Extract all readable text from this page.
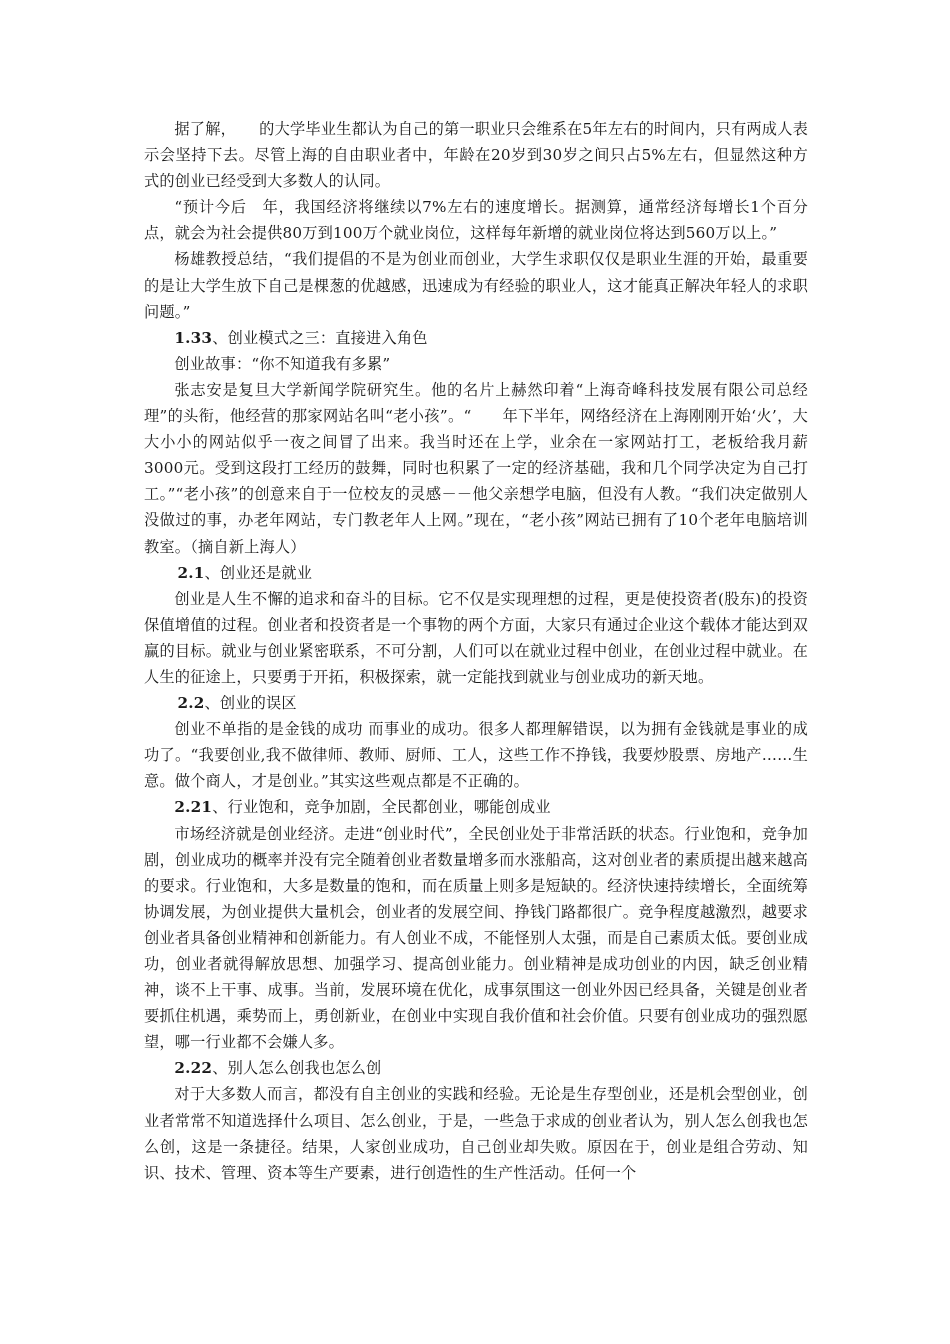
据了解，　　的大学毕业生都认为自己的第一职业只会维系在5年左右的时间内，只有两成人表示会坚持下去。尽管上海的自由职业者中，年龄在20岁到30岁之间只占5%左右，但显然这种方式的创业已经受到大多数人的认同。

“预计今后　年，我国经济将继续以7%左右的速度增长。据测算，通常经济每增长1个百分点，就会为社会提供80万到100万个就业岗位，这样每年新增的就业岗位将达到560万以上。”

杨雄教授总结，“我们提倡的不是为创业而创业，大学生求职仅仅是职业生涯的开始，最重要的是让大学生放下自己是棵葱的优越感，迅速成为有经验的职业人，这才能真正解决年轻人的求职问题。”

1.33、创业模式之三：直接进入角色

创业故事：“你不知道我有多累”

张志安是复旦大学新闻学院研究生。他的名片上赫然印着“上海奇峰科技发展有限公司总经理”的头衔，他经营的那家网站名叫“老小孩”。“　　年下半年，网络经济在上海刚刚开始‘火’，大大小小的网站似乎一夜之间冒了出来。我当时还在上学，业余在一家网站打工，老板给我月薪3000元。受到这段打工经历的鼓舞，同时也积累了一定的经济基础，我和几个同学决定为自己打工。”“老小孩”的创意来自于一位校友的灵感－－他父亲想学电脑，但没有人教。“我们决定做别人没做过的事，办老年网站，专门教老年人上网。”现在，“老小孩”网站已拥有了10个老年电脑培训教室。（摘自新上海人）

2.1、创业还是就业

创业是人生不懈的追求和奋斗的目标。它不仅是实现理想的过程，更是使投资者(股东)的投资保值增值的过程。创业者和投资者是一个事物的两个方面，大家只有通过企业这个载体才能达到双赢的目标。就业与创业紧密联系，不可分割，人们可以在就业过程中创业，在创业过程中就业。在人生的征途上，只要勇于开拓，积极探索，就一定能找到就业与创业成功的新天地。

2.2、创业的误区

创业不单指的是金钱的成功 而事业的成功。很多人都理解错误，以为拥有金钱就是事业的成功了。“我要创业,我不做律师、教师、厨师、工人，这些工作不挣钱，我要炒股票、房地产……生意。做个商人，才是创业。”其实这些观点都是不正确的。

2.21、行业饱和，竞争加剧，全民都创业，哪能创成业

市场经济就是创业经济。走进“创业时代”，全民创业处于非常活跃的状态。行业饱和，竞争加剧，创业成功的概率并没有完全随着创业者数量增多而水涨船高，这对创业者的素质提出越来越高的要求。行业饱和，大多是数量的饱和，而在质量上则多是短缺的。经济快速持续增长，全面统筹协调发展，为创业提供大量机会，创业者的发展空间、挣钱门路都很广。竞争程度越激烈，越要求创业者具备创业精神和创新能力。有人创业不成，不能怪别人太强，而是自己素质太低。要创业成功，创业者就得解放思想、加强学习、提高创业能力。创业精神是成功创业的内因，缺乏创业精神，谈不上干事、成事。当前，发展环境在优化，成事氛围这一创业外因已经具备，关键是创业者要抓住机遇，乘势而上，勇创新业，在创业中实现自我价值和社会价值。只要有创业成功的强烈愿望，哪一行业都不会嫌人多。

2.22、别人怎么创我也怎么创

对于大多数人而言，都没有自主创业的实践和经验。无论是生存型创业，还是机会型创业，创业者常常不知道选择什么项目、怎么创业，于是，一些急于求成的创业者认为，别人怎么创我也怎么创，这是一条捷径。结果，人家创业成功，自己创业却失败。原因在于，创业是组合劳动、知识、技术、管理、资本等生产要素，进行创造性的生产性活动。任何一个
